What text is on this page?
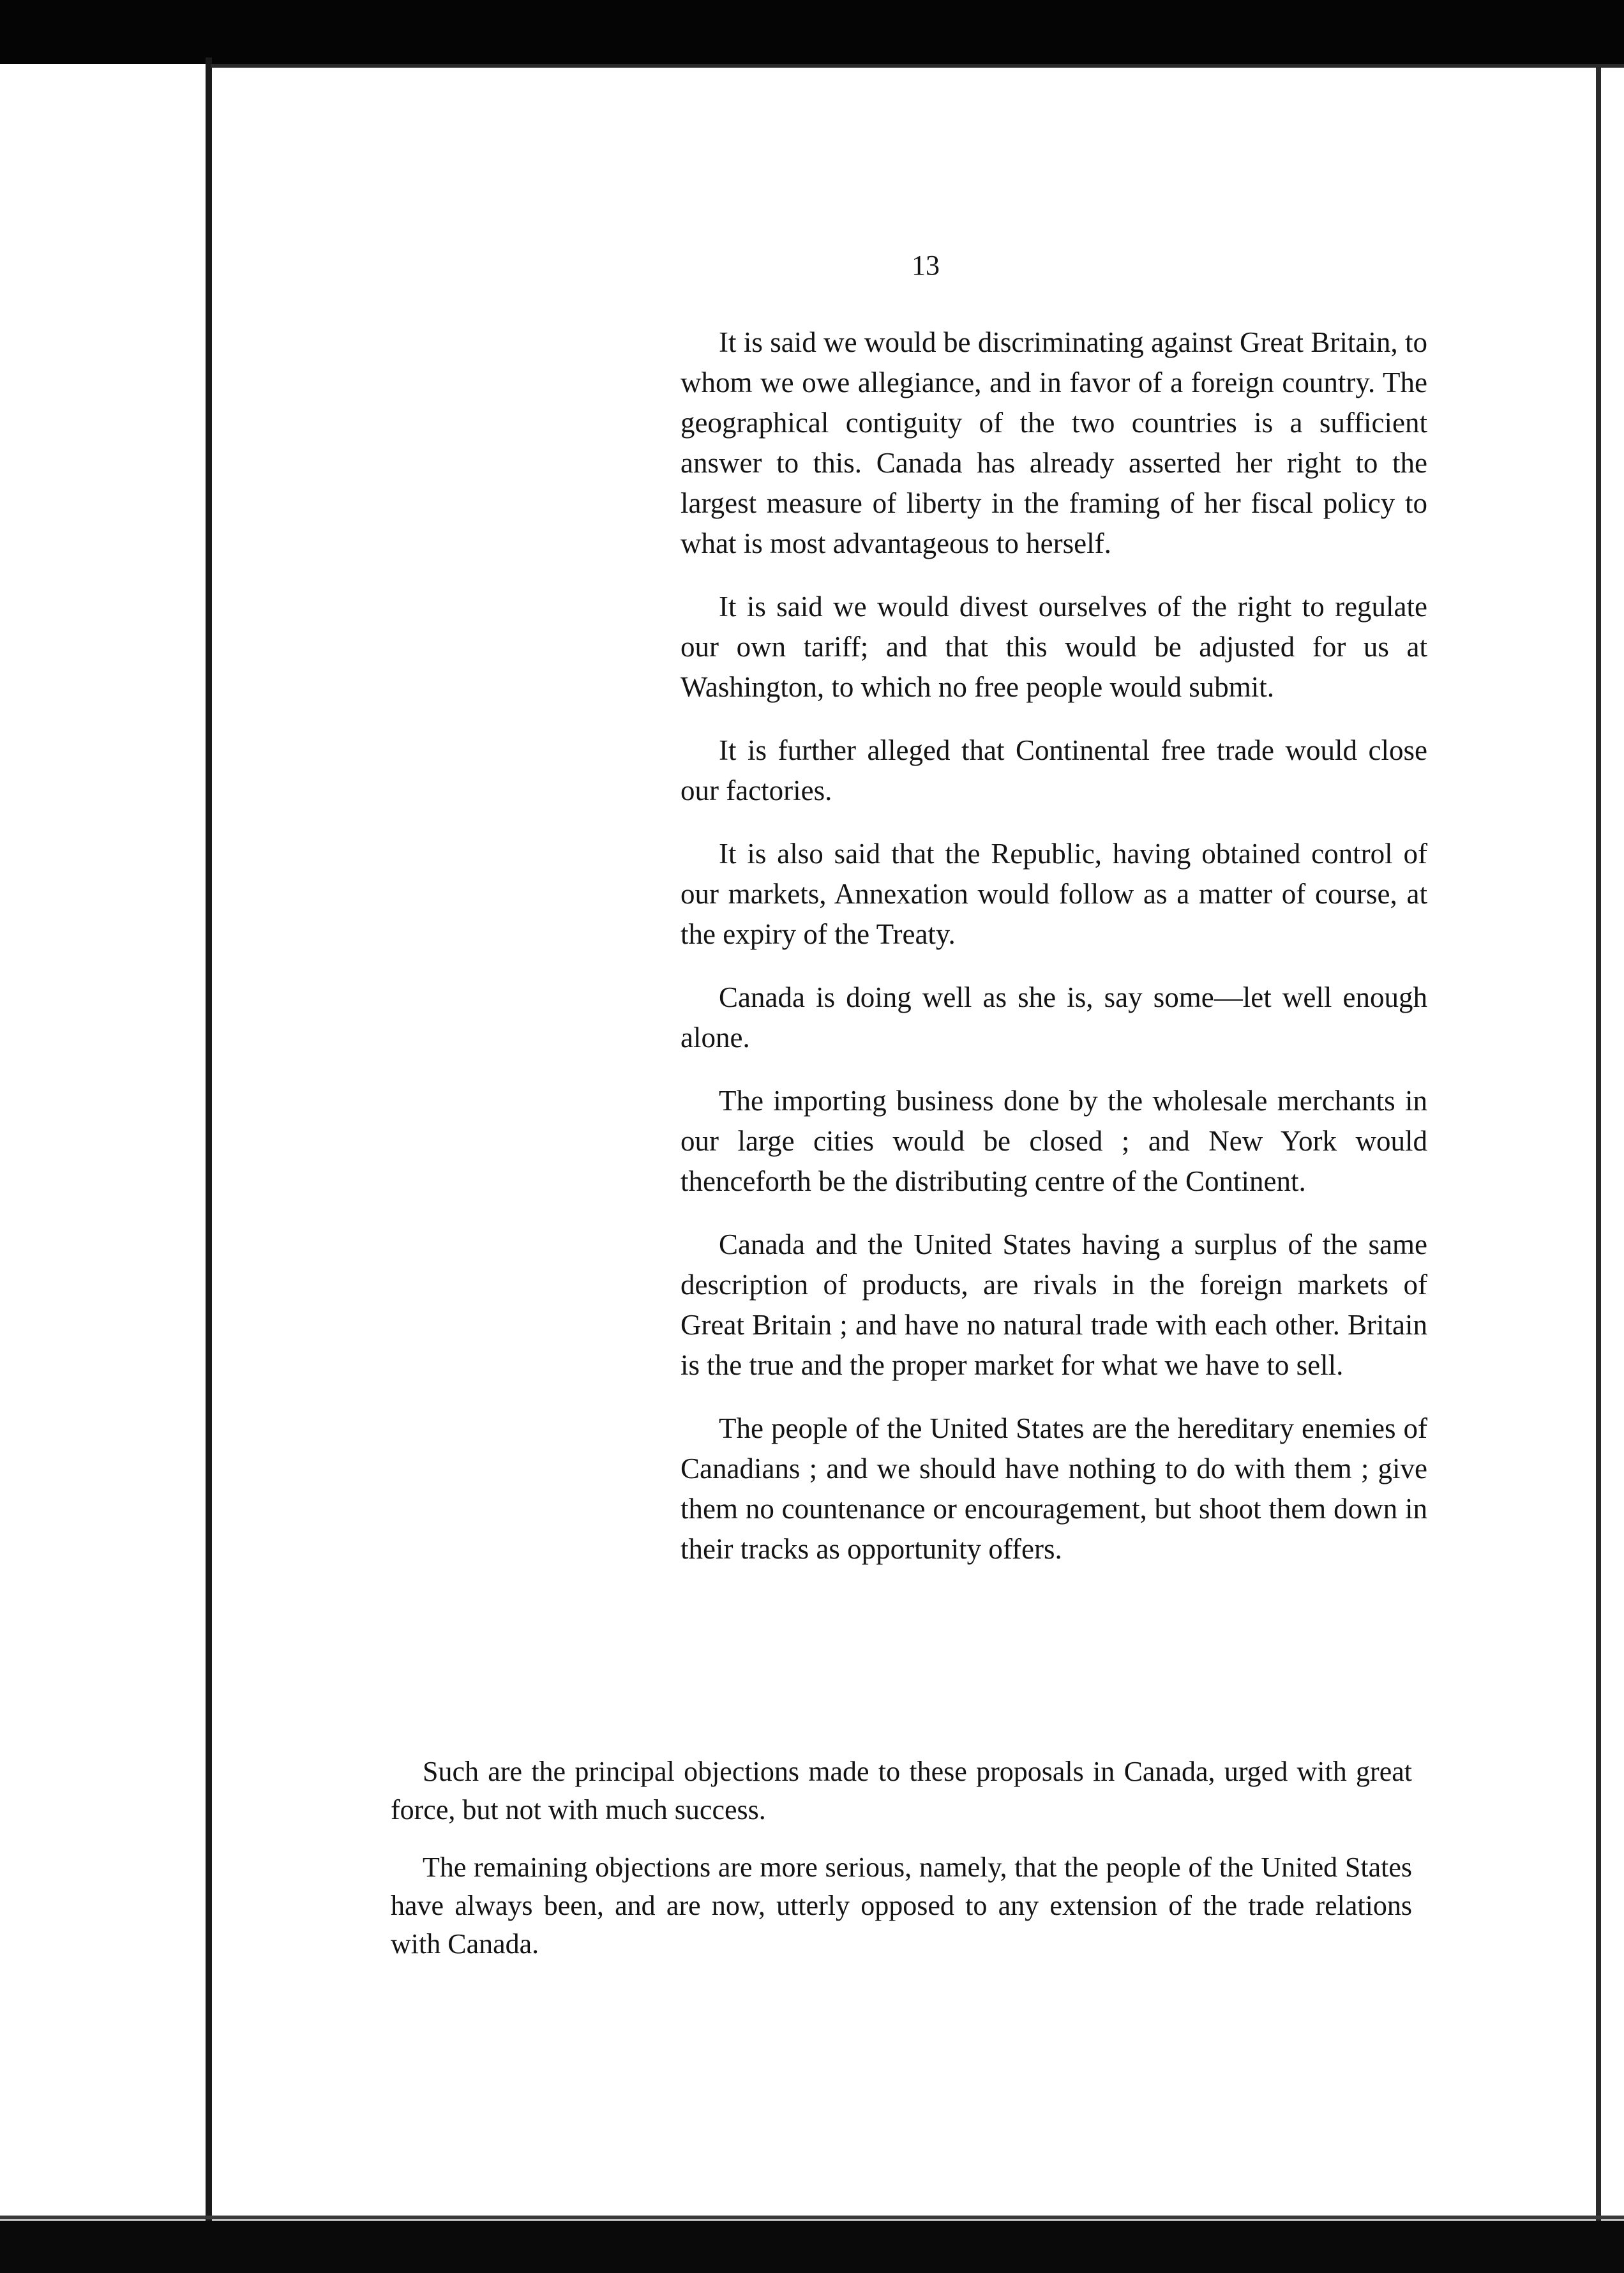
13

It is said we would be discriminating against Great Britain, to whom we owe allegiance, and in favor of a foreign country. The geographical contiguity of the two countries is a sufficient answer to this. Canada has already asserted her right to the largest measure of liberty in the framing of her fiscal policy to what is most advantageous to herself.

It is said we would divest ourselves of the right to regulate our own tariff; and that this would be adjusted for us at Washington, to which no free people would submit.

It is further alleged that Continental free trade would close our factories.

It is also said that the Republic, having obtained control of our markets, Annexation would follow as a matter of course, at the expiry of the Treaty.

Canada is doing well as she is, say some—let well enough alone.

The importing business done by the wholesale merchants in our large cities would be closed ; and New York would thenceforth be the distributing centre of the Continent.

Canada and the United States having a surplus of the same description of products, are rivals in the foreign markets of Great Britain ; and have no natural trade with each other. Britain is the true and the proper market for what we have to sell.

The people of the United States are the hereditary enemies of Canadians ; and we should have nothing to do with them ; give them no countenance or encouragement, but shoot them down in their tracks as opportunity offers.

Such are the principal objections made to these proposals in Canada, urged with great force, but not with much success.

The remaining objections are more serious, namely, that the people of the United States have always been, and are now, utterly opposed to any extension of the trade relations with Canada.
